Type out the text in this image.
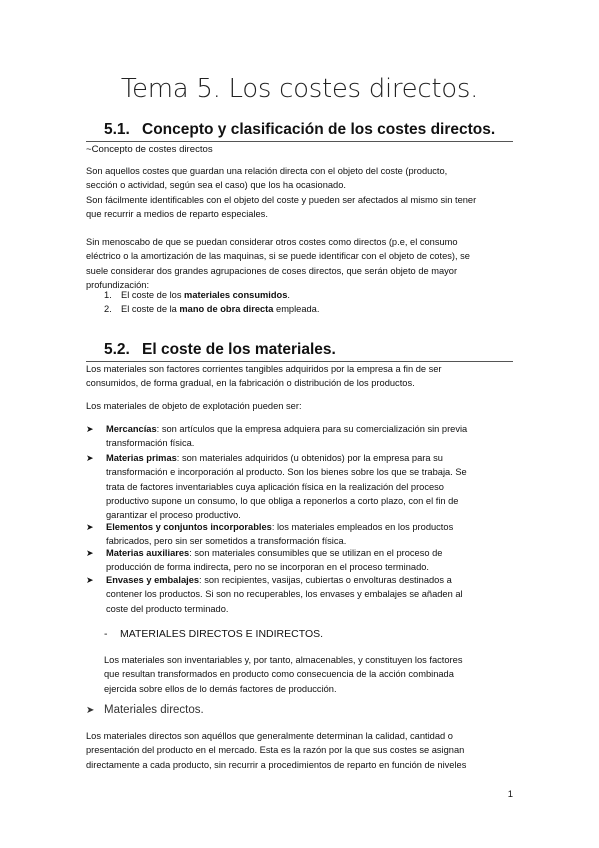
Tema 5. Los costes directos.
5.1. Concepto y clasificación de los costes directos.
~Concepto de costes directos
Son aquellos costes que guardan una relación directa con el objeto del coste (producto,
sección o actividad, según sea el caso) que los ha ocasionado.
Son fácilmente identificables con el objeto del coste y pueden ser afectados al mismo sin tener
que recurrir a medios de reparto especiales.
Sin menoscabo de que se puedan considerar otros costes como directos (p.e, el consumo
eléctrico o la amortización de las maquinas, si se puede identificar con el objeto de cotes), se
suele considerar dos grandes agrupaciones de coses directos, que serán objeto de mayor
profundización:
1. El coste de los materiales consumidos.
2. El coste de la mano de obra directa empleada.
5.2. El coste de los materiales.
Los materiales son factores corrientes tangibles adquiridos por la empresa a fin de ser
consumidos, de forma gradual, en la fabricación o distribución de los productos.
Los materiales de objeto de explotación pueden ser:
➤ Mercancías: son artículos que la empresa adquiera para su comercialización sin previa
transformación física.
➤ Materias primas: son materiales adquiridos (u obtenidos) por la empresa para su
transformación e incorporación al producto. Son los bienes sobre los que se trabaja. Se
trata de factores inventariables cuya aplicación física en la realización del proceso
productivo supone un consumo, lo que obliga a reponerlos a corto plazo, con el fin de
garantizar el proceso productivo.
➤ Elementos y conjuntos incorporables: los materiales empleados en los productos
fabricados, pero sin ser sometidos a transformación física.
➤ Materias auxiliares: son materiales consumibles que se utilizan en el proceso de
producción de forma indirecta, pero no se incorporan en el proceso terminado.
➤ Envases y embalajes: son recipientes, vasijas, cubiertas o envolturas destinados a
contener los productos. Si son no recuperables, los envases y embalajes se añaden al
coste del producto terminado.
- MATERIALES DIRECTOS E INDIRECTOS.
Los materiales son inventariables y, por tanto, almacenables, y constituyen los factores
que resultan transformados en producto como consecuencia de la acción combinada
ejercida sobre ellos de lo demás factores de producción.
➤ Materiales directos.
Los materiales directos son aquéllos que generalmente determinan la calidad, cantidad o
presentación del producto en el mercado. Esta es la razón por la que sus costes se asignan
directamente a cada producto, sin recurrir a procedimientos de reparto en función de niveles
1
